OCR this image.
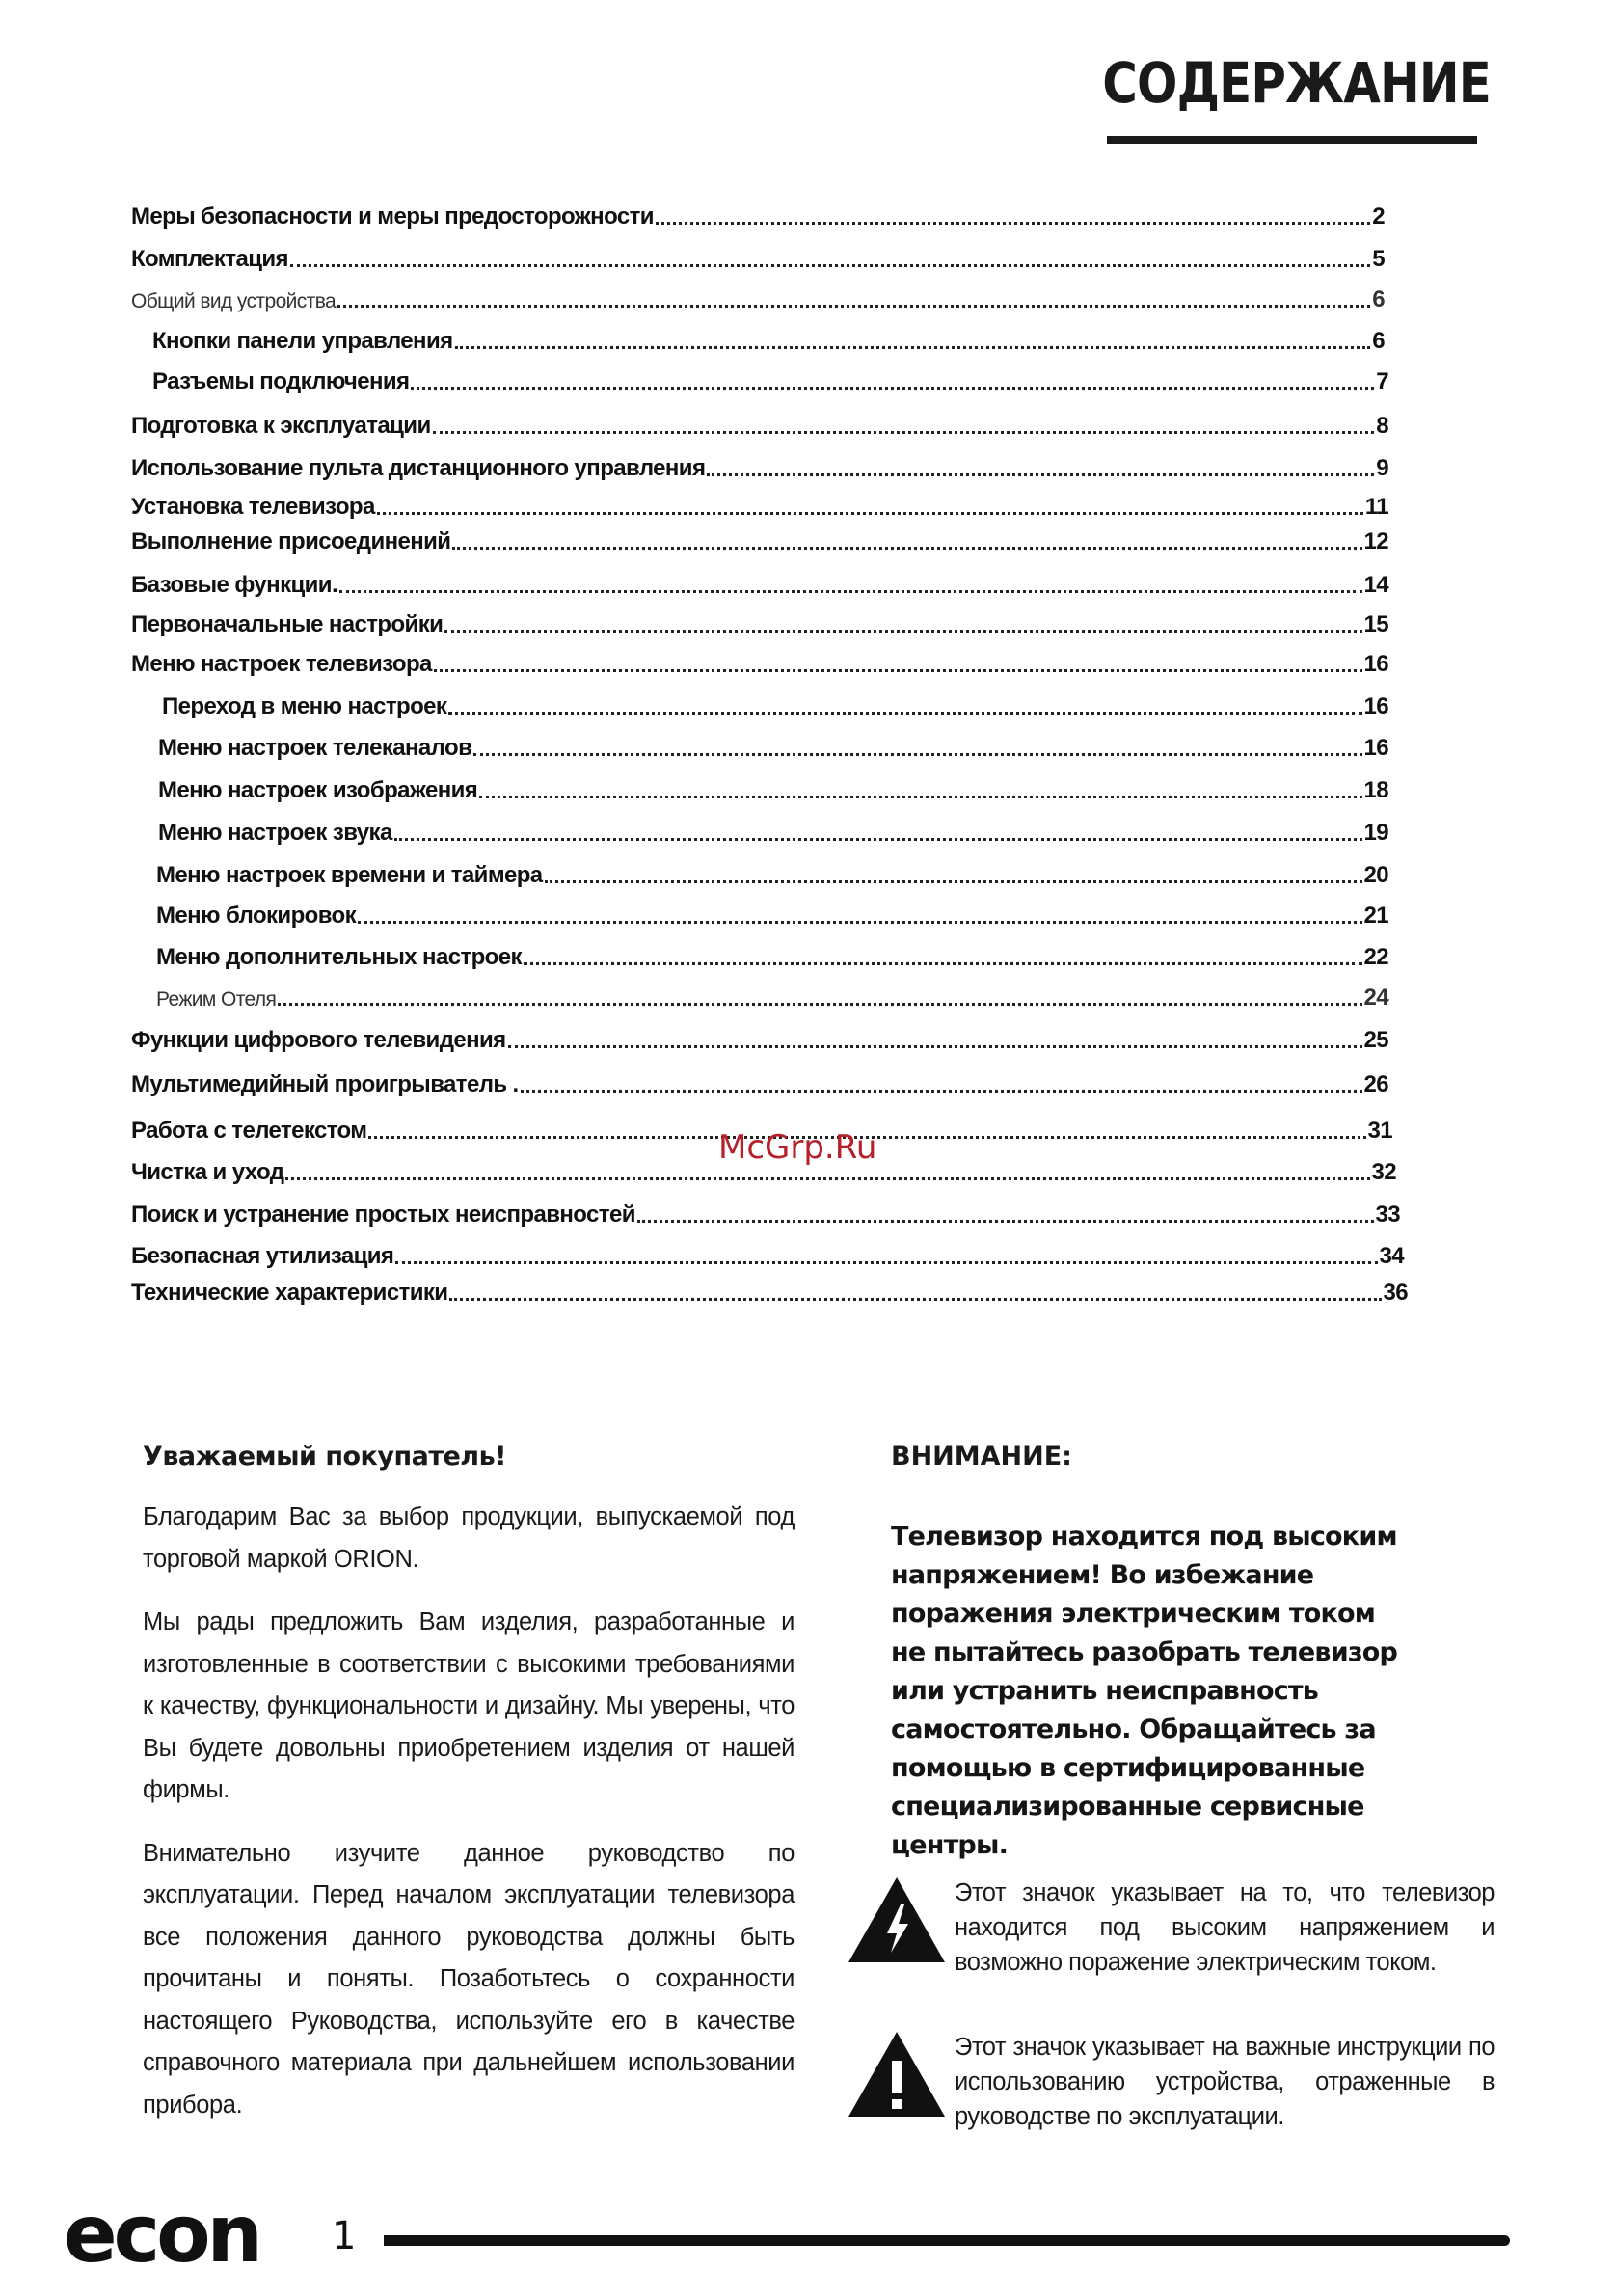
СОДЕРЖАНИЕ
Меры безопасности и меры предосторожности	2
Комплектация	5
Общий вид устройства	6
Кнопки панели управления	6
Разъемы подключения	7
Подготовка к эксплуатации	8
Использование пульта дистанционного управления	9
Установка телевизора	11
Выполнение присоединений	12
Базовые функции.	14
Первоначальные настройки	15
Меню настроек телевизора	16
Переход в меню настроек	16
Меню настроек телеканалов	16
Меню настроек изображения	18
Меню настроек звука	19
Меню настроек времени и таймера	20
Меню блокировок	21
Меню дополнительных настроек	22
Режим Отеля	24
Функции цифрового телевидения	25
Мультимедийный проигрыватель .	26
Работа с телетекстом	31
Чистка и уход	32
Поиск и устранение простых неисправностей	33
Безопасная утилизация	34
Технические характеристики	36
McGrp.Ru
Уважаемый покупатель!

Благодарим Вас за выбор продукции, выпускаемой под торговой маркой ORION.

Мы рады предложить Вам изделия, разработанные и изготовленные в соответствии с высокими требованиями к качеству, функциональности и дизайну. Мы уверены, что Вы будете довольны приобретением изделия от нашей фирмы.

Внимательно изучите данное руководство по эксплуатации. Перед началом эксплуатации телевизора все положения данного руководства должны быть прочитаны и поняты. Позаботьтесь о сохранности настоящего Руководства, используйте его в качестве справочного материала при дальнейшем использовании прибора.

ВНИМАНИЕ:

Телевизор находится под высоким напряжением! Во избежание поражения электрическим током не пытайтесь разобрать телевизор или устранить неисправность самостоятельно. Обращайтесь за помощью в сертифицированные специализированные сервисные центры.

Этот значок указывает на то, что телевизор находится под высоким напряжением и возможно поражение электрическим током.

Этот значок указывает на важные инструкции по использованию устройства, отраженные в руководстве по эксплуатации.

econ 1
